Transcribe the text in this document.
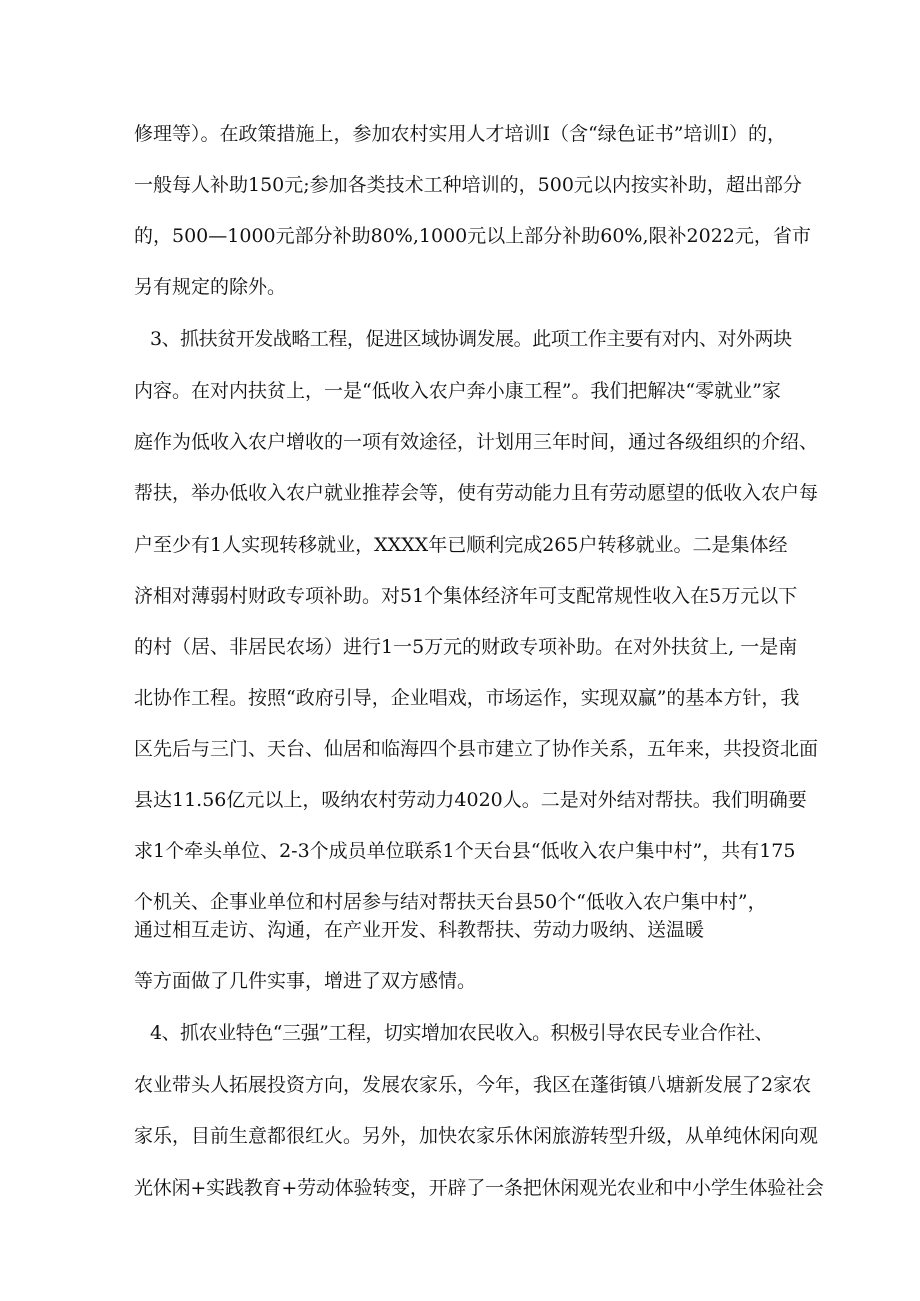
修理等）。在政策措施上，参加农村实用人才培训Ⅰ（含“绿色证书”培训Ⅰ）的，
一般每人补助150元;参加各类技术工种培训的，500元以内按实补助，超出部分
的，500—1000元部分补助80%,1000元以上部分补助60%,限补2022元，省市
另有规定的除外。
3、抓扶贫开发战略工程，促进区域协调发展。此项工作主要有对内、对外两块
内容。在对内扶贫上，一是“低收入农户奔小康工程”。我们把解决“零就业”家
庭作为低收入农户增收的一项有效途径，计划用三年时间，通过各级组织的介绍、
帮扶，举办低收入农户就业推荐会等，使有劳动能力且有劳动愿望的低收入农户每
户至少有1人实现转移就业，XXXX年已顺利完成265户转移就业。二是集体经
济相对薄弱村财政专项补助。对51个集体经济年可支配常规性收入在5万元以下
的村（居、非居民农场）进行1一5万元的财政专项补助。在对外扶贫上, 一是南
北协作工程。按照“政府引导，企业唱戏，市场运作，实现双赢”的基本方针，我
区先后与三门、天台、仙居和临海四个县市建立了协作关系，五年来，共投资北面
县达11.56亿元以上，吸纳农村劳动力4020人。二是对外结对帮扶。我们明确要
求1个牵头单位、2-3个成员单位联系1个天台县“低收入农户集中村”，共有175
个机关、企事业单位和村居参与结对帮扶天台县50个“低收入农户集中村”，
通过相互走访、沟通，在产业开发、科教帮扶、劳动力吸纳、送温暖
等方面做了几件实事，增进了双方感情。
4、抓农业特色“三强”工程，切实增加农民收入。积极引导农民专业合作社、
农业带头人拓展投资方向，发展农家乐，今年，我区在蓬街镇八塘新发展了2家农
家乐，目前生意都很红火。另外，加快农家乐休闲旅游转型升级，从单纯休闲向观
光休闲+实践教育+劳动体验转变，开辟了一条把休闲观光农业和中小学生体验社会
